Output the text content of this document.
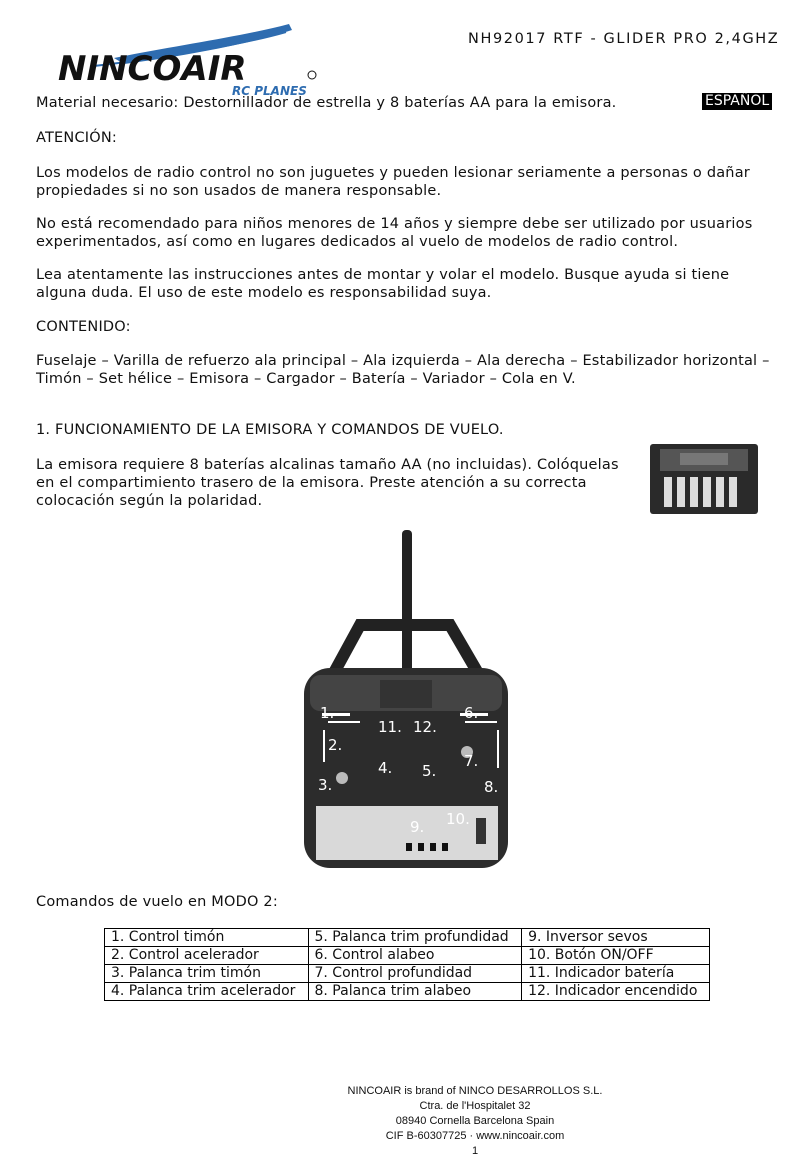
NH92017 RTF - GLIDER PRO 2,4GHZ
NINCOAIR
RC PLANES
Material necesario: Destornillador de estrella y 8 baterías AA para la emisora.	ESPAÑOL
ATENCIÓN:
Los modelos de radio control no son juguetes y pueden lesionar seriamente a personas o dañar propiedades si no son usados de manera responsable.
No está recomendado para niños menores de 14 años y siempre debe ser utilizado por usuarios experimentados, así como en lugares dedicados al vuelo de modelos de radio control.
Lea atentamente las instrucciones antes de montar y volar el modelo. Busque ayuda si tiene alguna duda. El uso de este modelo es responsabilidad suya.
CONTENIDO:
Fuselaje – Varilla de refuerzo ala principal – Ala izquierda – Ala derecha – Estabilizador horizontal – Timón – Set hélice – Emisora – Cargador – Batería – Variador – Cola en V.
1. FUNCIONAMIENTO DE LA EMISORA Y COMANDOS DE VUELO.
La emisora requiere 8 baterías alcalinas tamaño AA (no incluidas). Colóquelas en el compartimiento trasero de la emisora. Preste atención a su correcta colocación según la polaridad.
1.
2.
3.
4. 5.
6.
7.
8.
9. 10.
11. 12.
Comandos de vuelo en MODO 2:
1. Control timón	5. Palanca trim profundidad	9. Inversor sevos
2. Control acelerador	6. Control alabeo	10. Botón ON/OFF
3. Palanca trim timón	7. Control profundidad	11. Indicador batería
4. Palanca trim acelerador	8. Palanca trim alabeo	12. Indicador encendido
NINCOAIR is brand of NINCO DESARROLLOS S.L.
Ctra. de l'Hospitalet 32
08940 Cornella Barcelona Spain
CIF B-60307725 · www.nincoair.com
1
